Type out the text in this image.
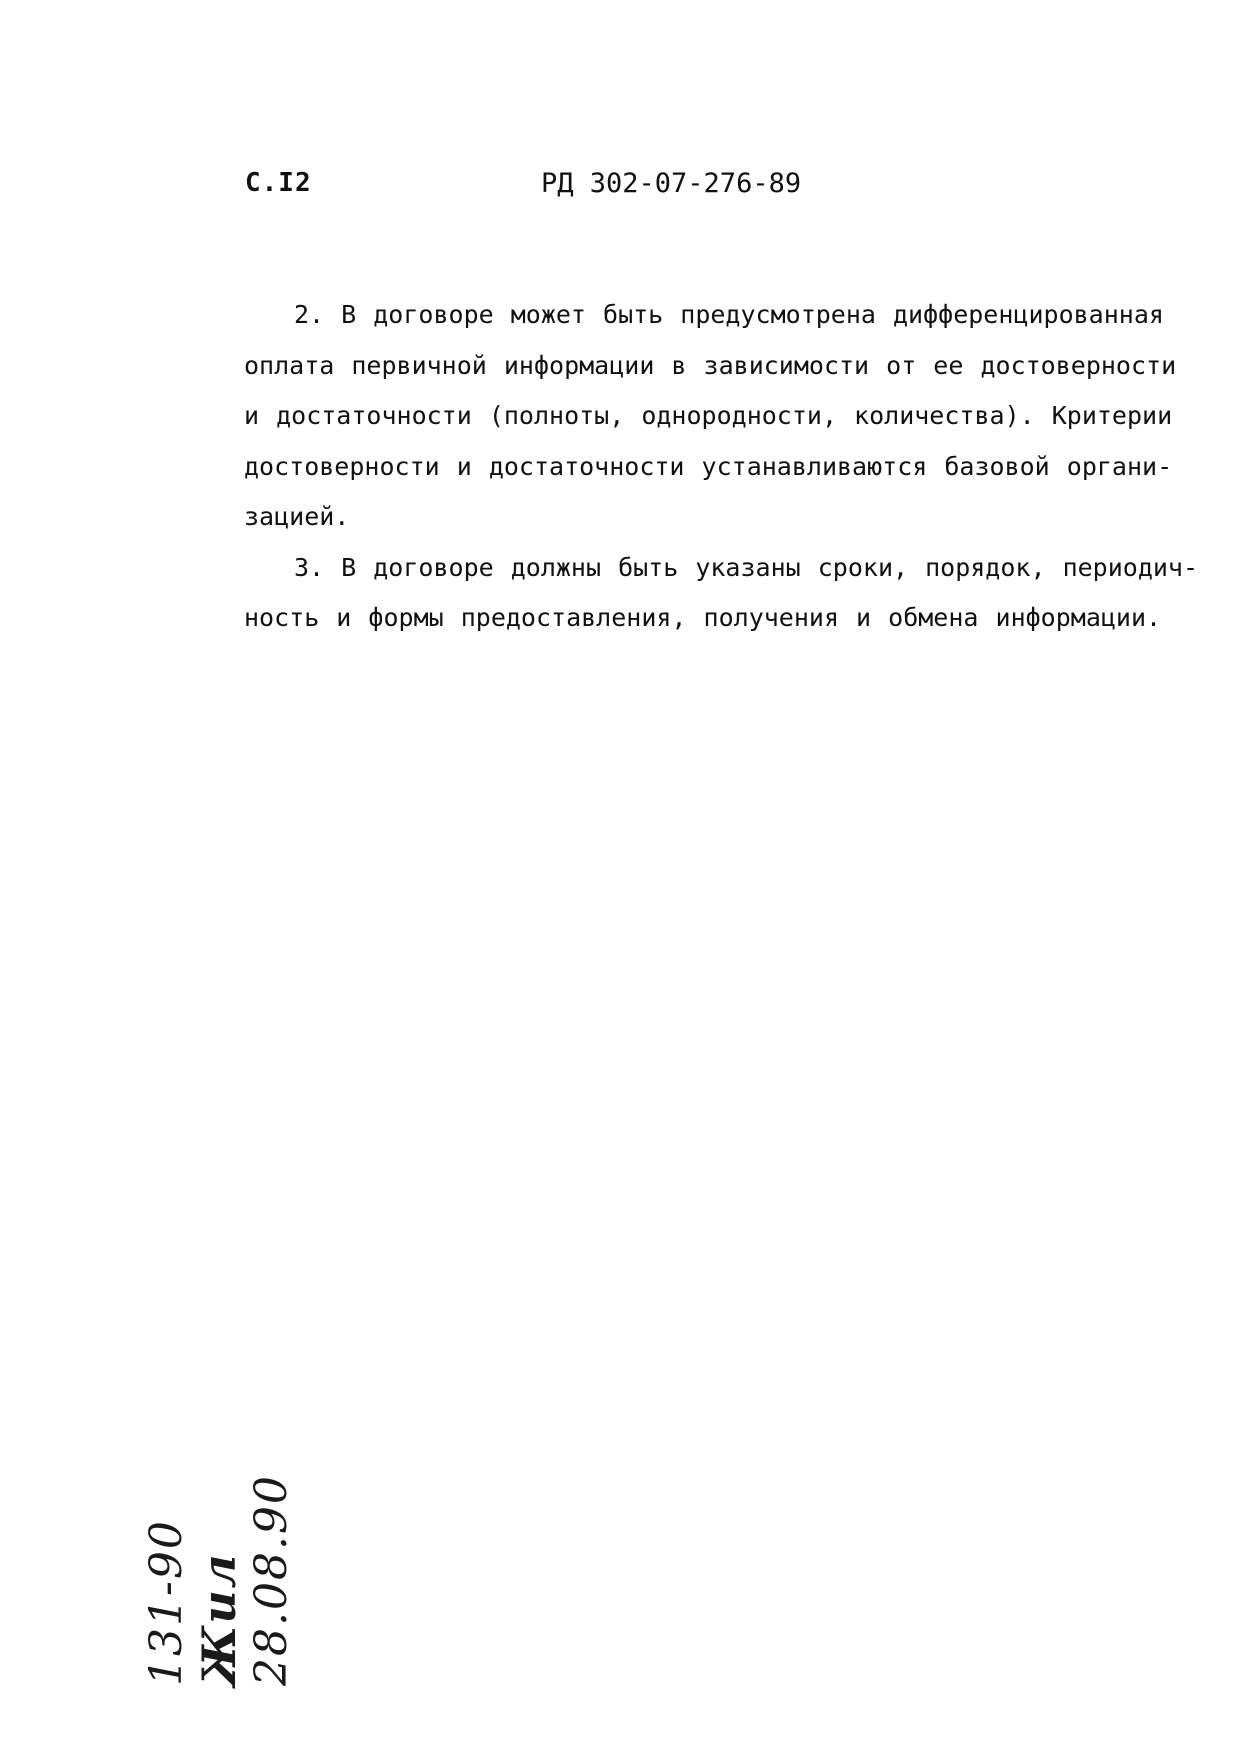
С.I2	РД 302-07-276-89
2. В договоре может быть предусмотрена дифференцированная
оплата первичной информации в зависимости от ее достоверности
и достаточности (полноты, однородности, количества). Критерии
достоверности и достаточности устанавливаются базовой органи-
зацией.
3. В договоре должны быть указаны сроки, порядок, периодич-
ность и формы предоставления, получения и обмена информации.

131-90
Жил
28.08.90
